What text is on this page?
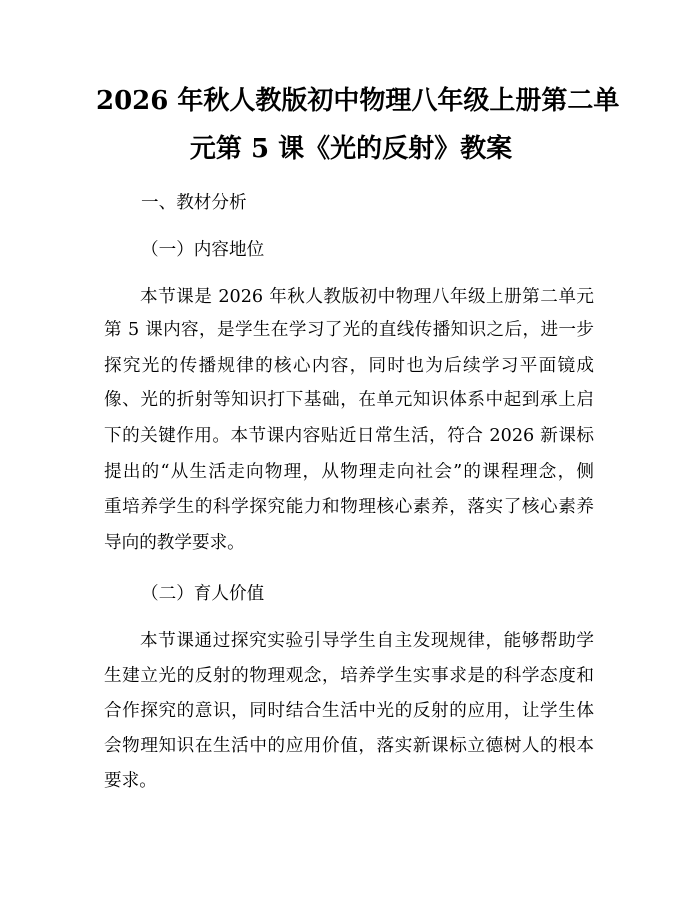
2026 年秋人教版初中物理八年级上册第二单
元第 5 课《光的反射》教案

一、教材分析

（一）内容地位

本节课是 2026 年秋人教版初中物理八年级上册第二单元

第 5 课内容，是学生在学习了光的直线传播知识之后，进一步

探究光的传播规律的核心内容，同时也为后续学习平面镜成

像、光的折射等知识打下基础，在单元知识体系中起到承上启

下的关键作用。本节课内容贴近日常生活，符合 2026 新课标

提出的“从生活走向物理，从物理走向社会”的课程理念，侧

重培养学生的科学探究能力和物理核心素养，落实了核心素养

导向的教学要求。

（二）育人价值

本节课通过探究实验引导学生自主发现规律，能够帮助学

生建立光的反射的物理观念，培养学生实事求是的科学态度和

合作探究的意识，同时结合生活中光的反射的应用，让学生体

会物理知识在生活中的应用价值，落实新课标立德树人的根本

要求。
